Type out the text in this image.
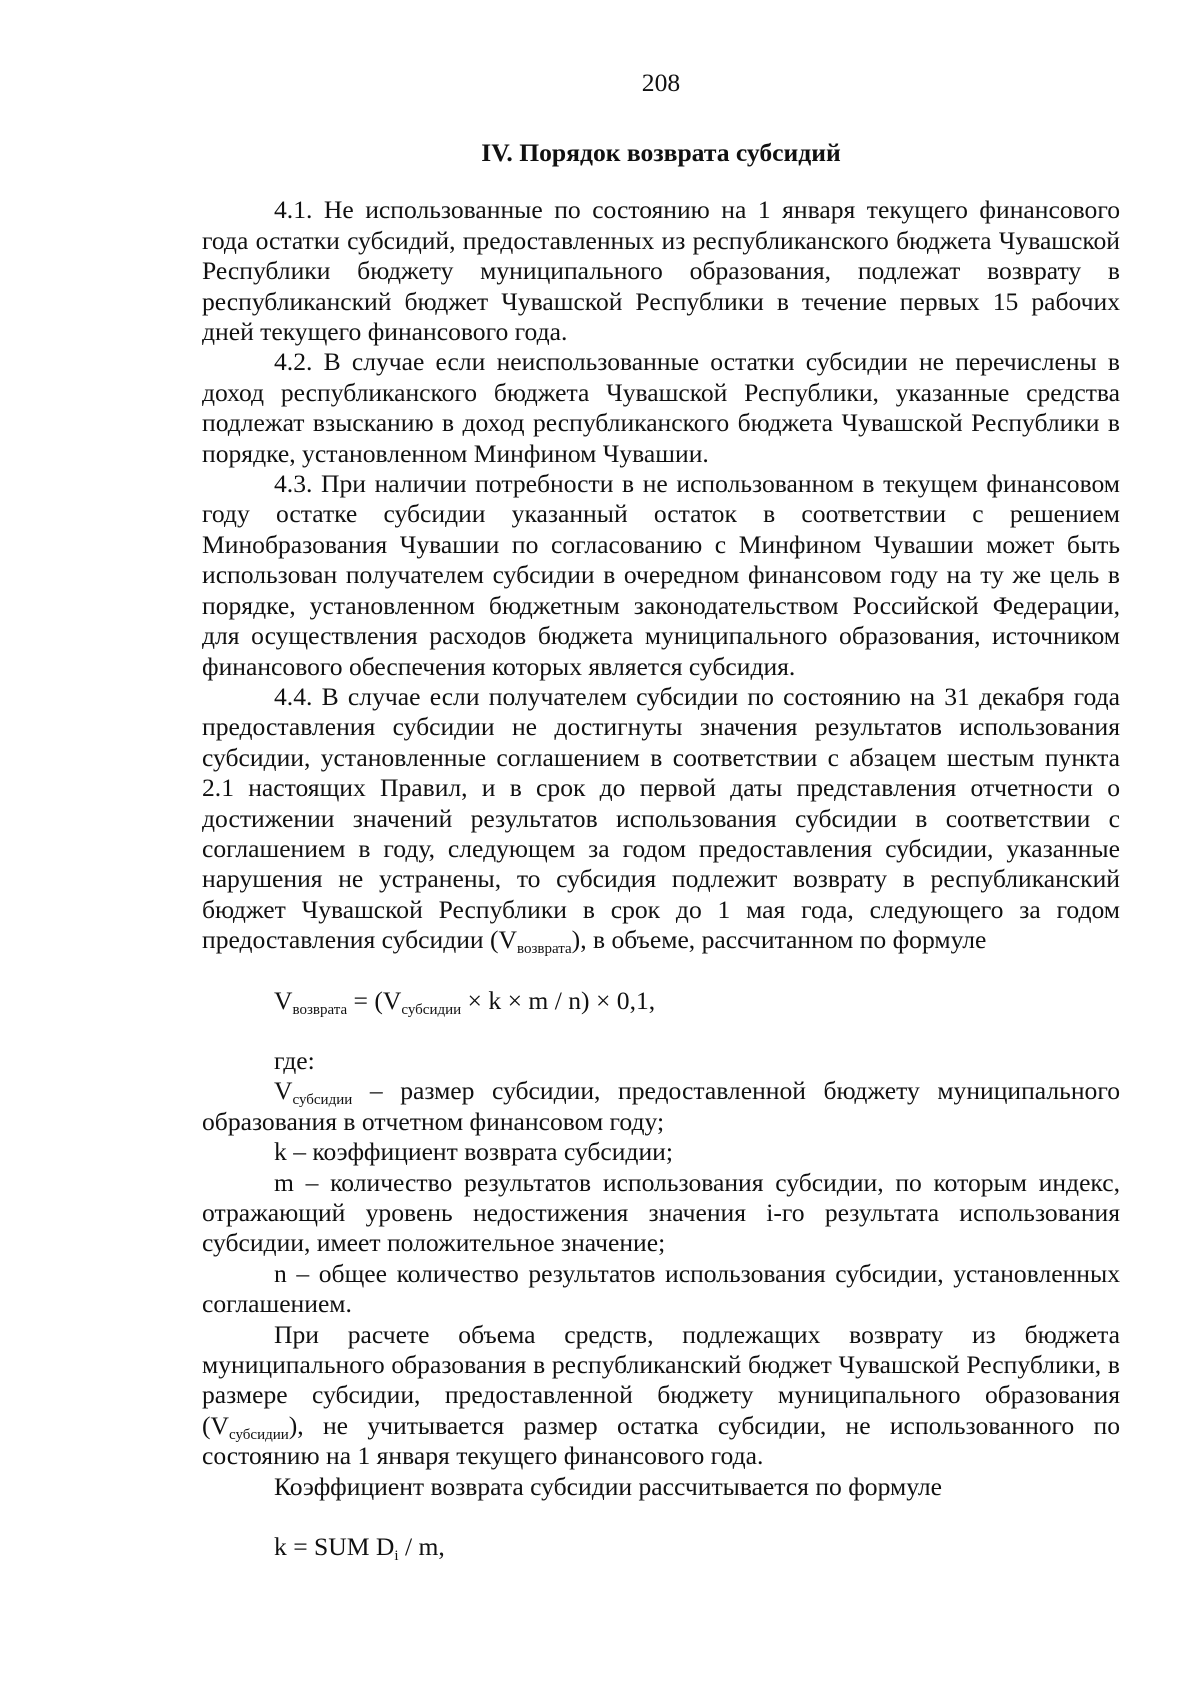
208
IV. Порядок возврата субсидий

4.1. Не использованные по состоянию на 1 января текущего финансового года остатки субсидий, предоставленных из республиканского бюджета Чувашской Республики бюджету муниципального образования, подлежат возврату в республиканский бюджет Чувашской Республики в течение первых 15 рабочих дней текущего финансового года.

4.2. В случае если неиспользованные остатки субсидии не перечислены в доход республиканского бюджета Чувашской Республики, указанные средства подлежат взысканию в доход республиканского бюджета Чувашской Республики в порядке, установленном Минфином Чувашии.

4.3. При наличии потребности в не использованном в текущем финансовом году остатке субсидии указанный остаток в соответствии с решением Минобразования Чувашии по согласованию с Минфином Чувашии может быть использован получателем субсидии в очередном финансовом году на ту же цель в порядке, установленном бюджетным законодательством Российской Федерации, для осуществления расходов бюджета муниципального образования, источником финансового обеспечения которых является субсидия.

4.4. В случае если получателем субсидии по состоянию на 31 декабря года предоставления субсидии не достигнуты значения результатов использования субсидии, установленные соглашением в соответствии с абзацем шестым пункта 2.1 настоящих Правил, и в срок до первой даты представления отчетности о достижении значений результатов использования субсидии в соответствии с соглашением в году, следующем за годом предоставления субсидии, указанные нарушения не устранены, то субсидия подлежит возврату в республиканский бюджет Чувашской Республики в срок до 1 мая года, следующего за годом предоставления субсидии $(V_{возврата})$, в объеме, рассчитанном по формуле

$V_{возврата} = (V_{субсидии} \times k \times m / n) \times 0,1$,

где:

$V_{субсидии}$ – размер субсидии, предоставленной бюджету муниципального образования в отчетном финансовом году;

k – коэффициент возврата субсидии;

m – количество результатов использования субсидии, по которым индекс, отражающий уровень недостижения значения i-го результата использования субсидии, имеет положительное значение;

n – общее количество результатов использования субсидии, установленных соглашением.

При расчете объема средств, подлежащих возврату из бюджета муниципального образования в республиканский бюджет Чувашской Республики, в размере субсидии, предоставленной бюджету муниципального образования $(V_{субсидии})$, не учитывается размер остатка субсидии, не использованного по состоянию на 1 января текущего финансового года.

Коэффициент возврата субсидии рассчитывается по формуле

k = SUM $D_i$ / m,
